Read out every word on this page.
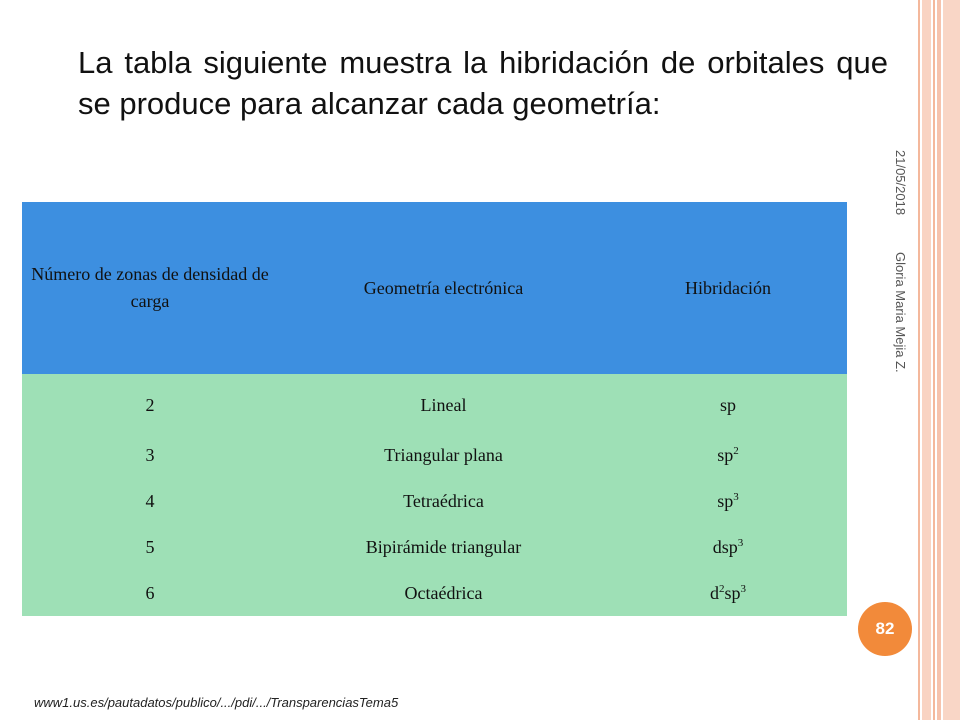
La tabla siguiente muestra la hibridación de orbitales que se produce para alcanzar cada geometría:
21/05/2018
Gloria Maria Mejia Z.
Número de zonas de densidad de carga	Geometría electrónica	Hibridación
2	Lineal	sp
3	Triangular plana	$sp^2$
4	Tetraédrica	$sp^3$
5	Bipirámide triangular	dsp$^3$
6	Octaédrica	$d^2sp^3$
82
www1.us.es/pautadatos/publico/.../pdi/.../TransparenciasTema5
